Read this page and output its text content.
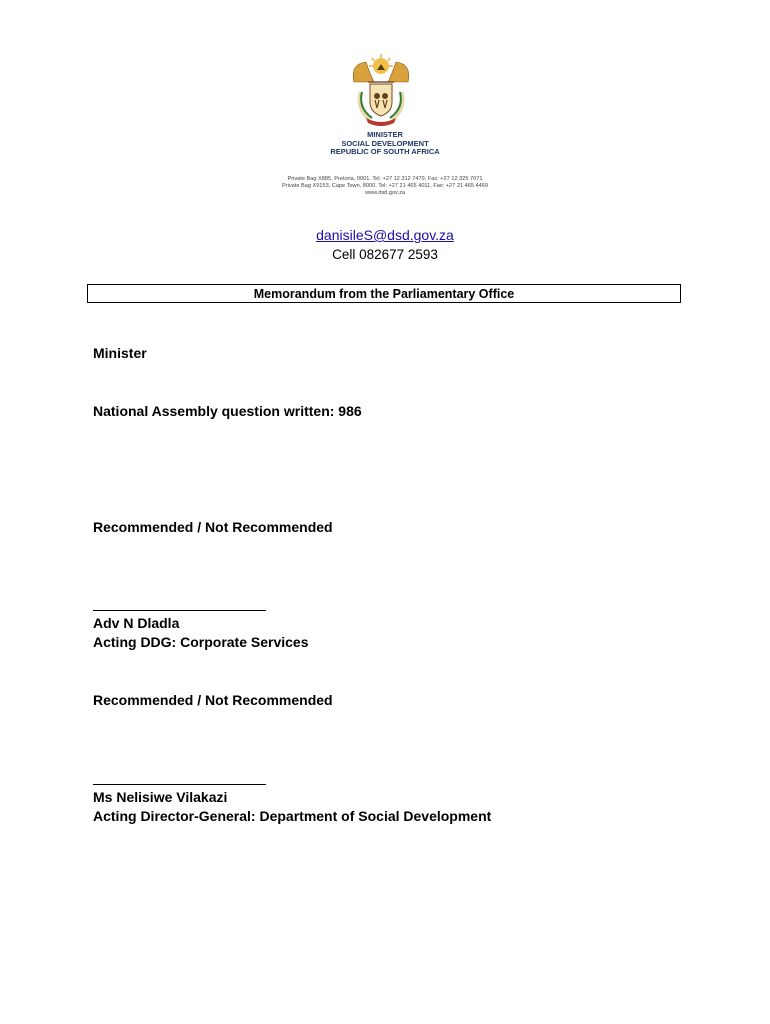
MINISTER
SOCIAL DEVELOPMENT
REPUBLIC OF SOUTH AFRICA
Private Bag X885, Pretoria, 0001. Tel: +27 12 312 7479, Fax: +27 12 325 7071
Private Bag X9153, Cape Town, 8000. Tel: +27 21 465 4011, Fax: +27 21 465 4469
www.dsd.gov.za
danisileS@dsd.gov.za
Cell 082677 2593
Memorandum from the Parliamentary Office
Minister
National Assembly question written: 986
Recommended / Not Recommended
Adv N Dladla
Acting DDG: Corporate Services
Recommended / Not Recommended
Ms Nelisiwe Vilakazi
Acting Director-General: Department of Social Development
